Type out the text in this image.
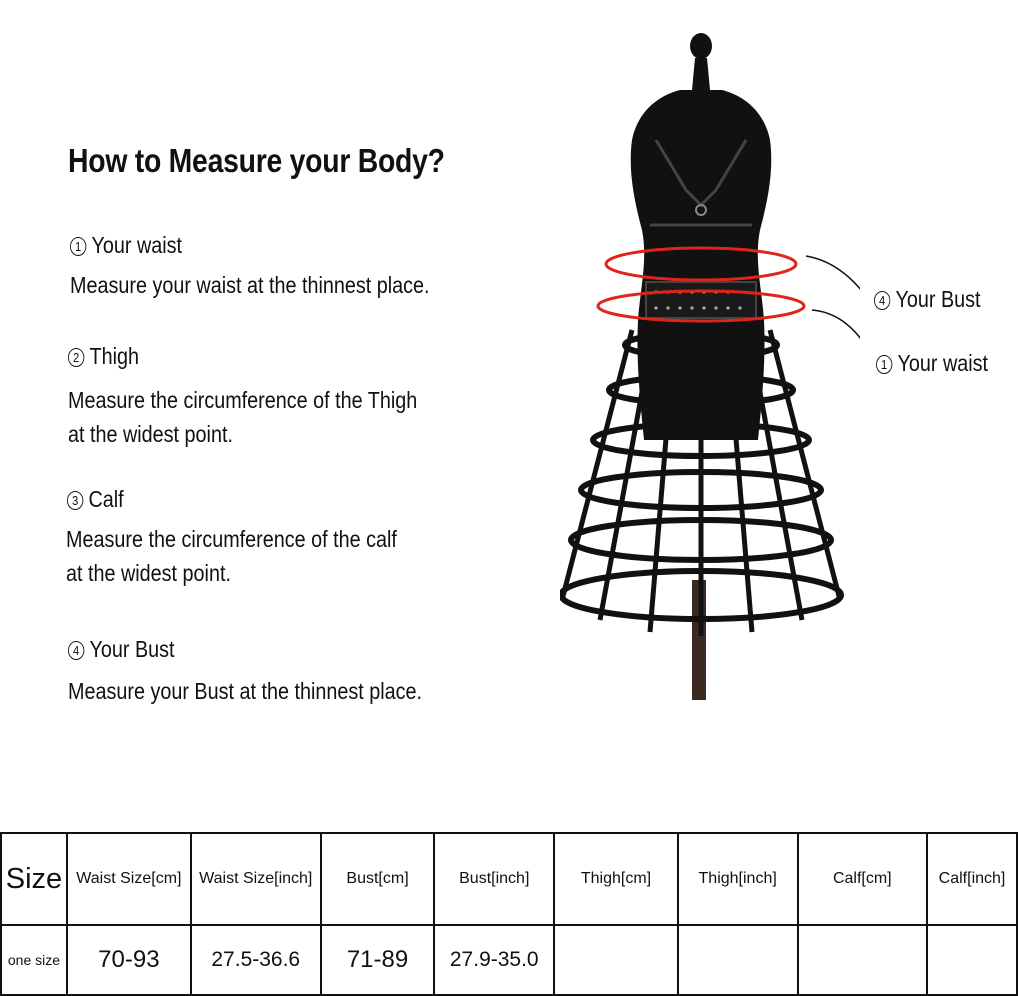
How to Measure your Body?
1 Your waist
Measure your waist at the thinnest place.
2 Thigh
Measure the circumference of the Thigh
at the widest point.
3 Calf
Measure the circumference of the calf
at the widest point.
4 Your Bust
Measure your Bust at the thinnest place.
4 Your Bust
1 Your waist
Size	Waist Size[cm]	Waist Size[inch]	Bust[cm]	Bust[inch]	Thigh[cm]	Thigh[inch]	Calf[cm]	Calf[inch]
one size	70-93	27.5-36.6	71-89	27.9-35.0				
